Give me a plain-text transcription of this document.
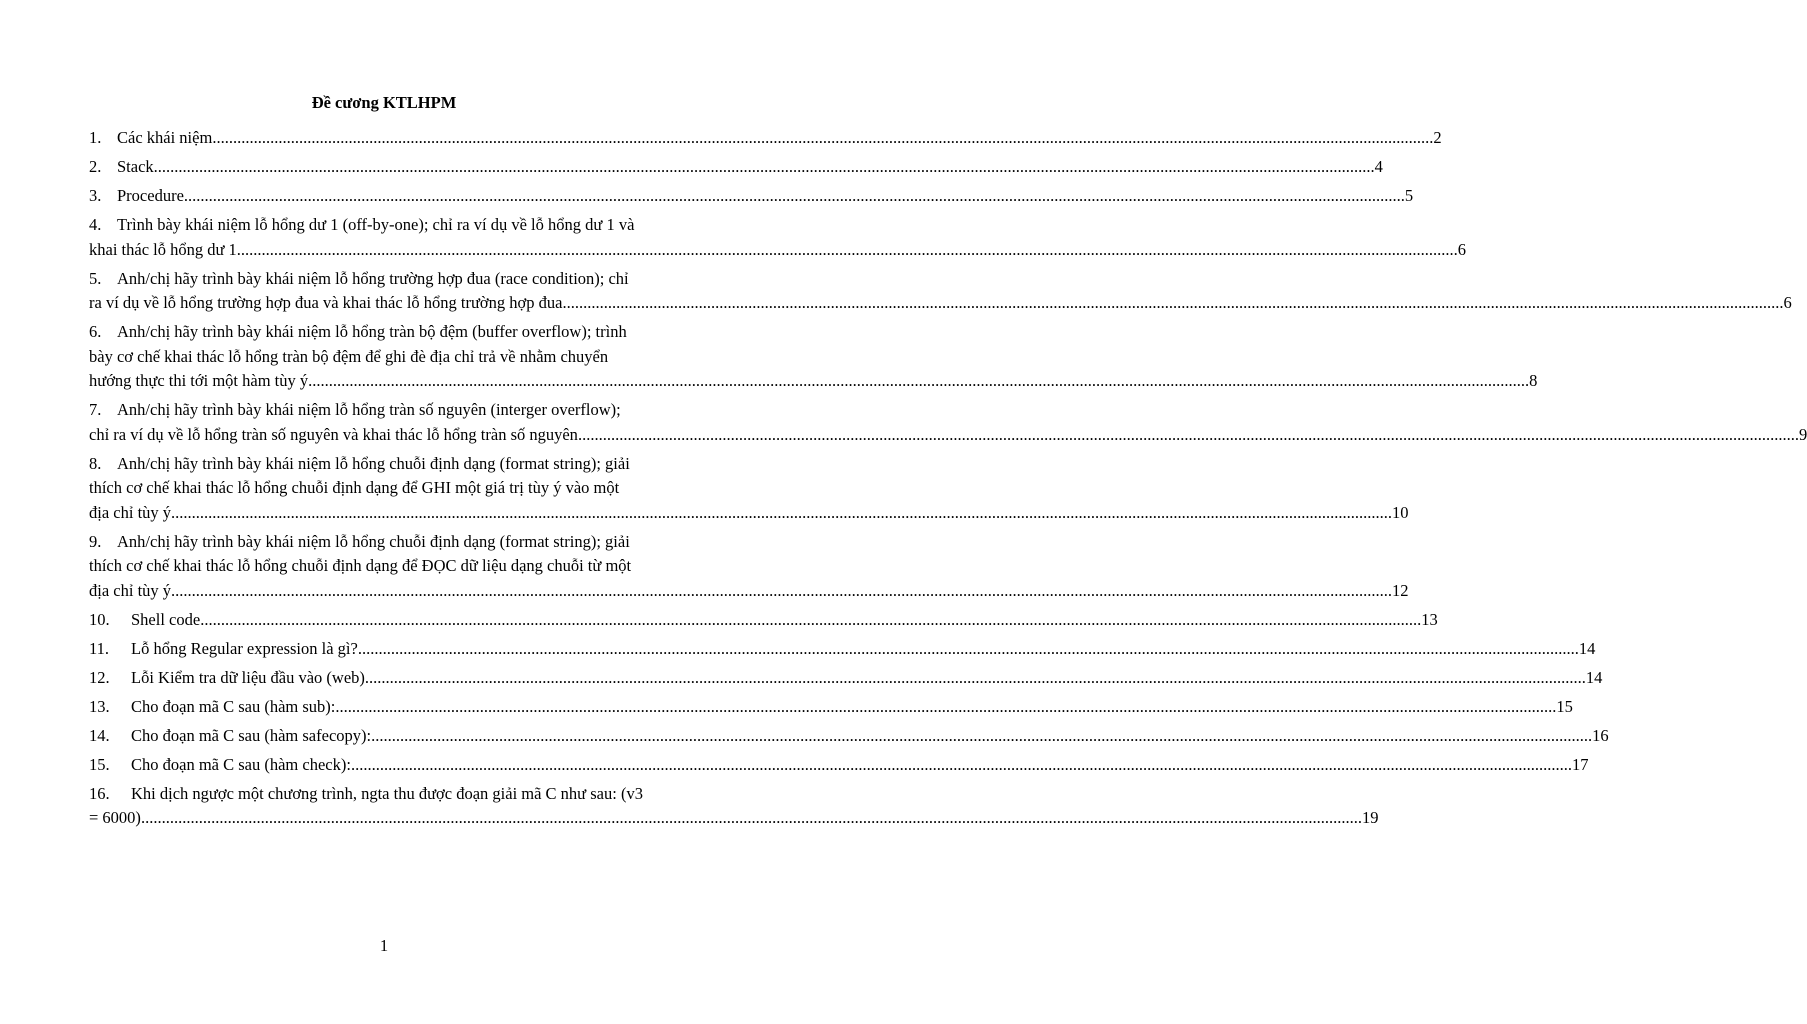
Đề cương KTLHPM
1. Các khái niệm .....	2
2. Stack .....	4
3. Procedure .....	5
4. Trình bày khái niệm lỗ hổng dư 1 (off-by-one); chỉ ra ví dụ về lỗ hổng dư 1 và
khai thác lỗ hổng dư 1 .....	6
5. Anh/chị hãy trình bày khái niệm lỗ hổng trường hợp đua (race condition); chỉ
ra ví dụ về lỗ hổng trường hợp đua và khai thác lỗ hổng trường hợp đua .....	6
6. Anh/chị hãy trình bày khái niệm lỗ hổng tràn bộ đệm (buffer overflow); trình
bày cơ chế khai thác lỗ hổng tràn bộ đệm để ghi đè địa chỉ trả về nhằm chuyển
hướng thực thi tới một hàm tùy ý .....	8
7. Anh/chị hãy trình bày khái niệm lỗ hổng tràn số nguyên (interger overflow);
chỉ ra ví dụ về lỗ hổng tràn số nguyên và khai thác lỗ hổng tràn số nguyên .....	9
8. Anh/chị hãy trình bày khái niệm lỗ hổng chuỗi định dạng (format string); giải
thích cơ chế khai thác lỗ hổng chuỗi định dạng để GHI một giá trị tùy ý vào một
địa chỉ tùy ý .....	10
9. Anh/chị hãy trình bày khái niệm lỗ hổng chuỗi định dạng (format string); giải
thích cơ chế khai thác lỗ hổng chuỗi định dạng để ĐỌC dữ liệu dạng chuỗi từ một
địa chỉ tùy ý .....	12
10. Shell code .....	13
11. Lỗ hổng Regular expression là gì? .....	14
12. Lỗi Kiểm tra dữ liệu đầu vào (web) .....	14
13. Cho đoạn mã C sau (hàm sub): .....	15
14. Cho đoạn mã C sau (hàm safecopy): .....	16
15. Cho đoạn mã C sau (hàm check): .....	17
16. Khi dịch ngược một chương trình, ngta thu được đoạn giải mã C như sau: (v3
= 6000) .....	19
1
